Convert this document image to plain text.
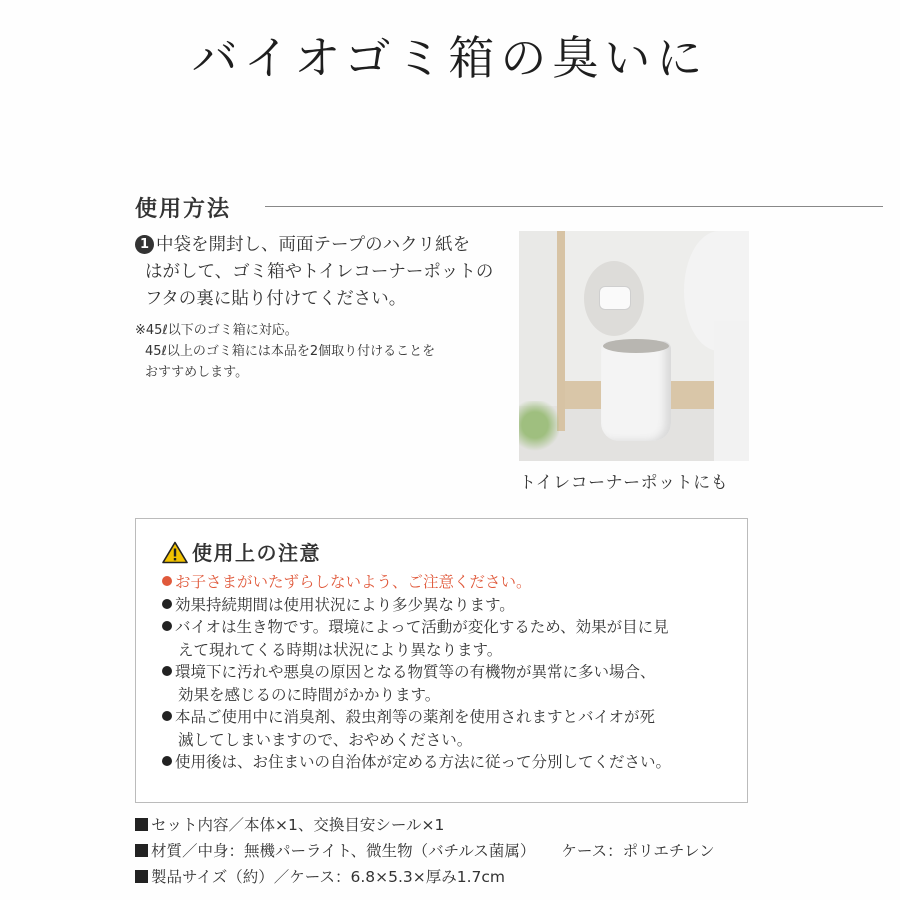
バイオゴミ箱の臭いに
使用方法
1 中袋を開封し、両面テープのハクリ紙を
はがして、ゴミ箱やトイレコーナーポットの
フタの裏に貼り付けてください。
※45ℓ以下のゴミ箱に対応。
45ℓ以上のゴミ箱には本品を2個取り付けることを
おすすめします。
トイレコーナーポットにも
使用上の注意
お子さまがいたずらしないよう、ご注意ください。
効果持続期間は使用状況により多少異なります。
バイオは生き物です。環境によって活動が変化するため、効果が目に見
えて現れてくる時期は状況により異なります。
環境下に汚れや悪臭の原因となる物質等の有機物が異常に多い場合、
効果を感じるのに時間がかかります。
本品ご使用中に消臭剤、殺虫剤等の薬剤を使用されますとバイオが死
滅してしまいますので、おやめください。
使用後は、お住まいの自治体が定める方法に従って分別してください。
セット内容／本体×1、交換目安シール×1
材質／中身：無機パーライト、微生物（バチルス菌属） ケース：ポリエチレン
製品サイズ（約）／ケース：6.8×5.3×厚み1.7cm
